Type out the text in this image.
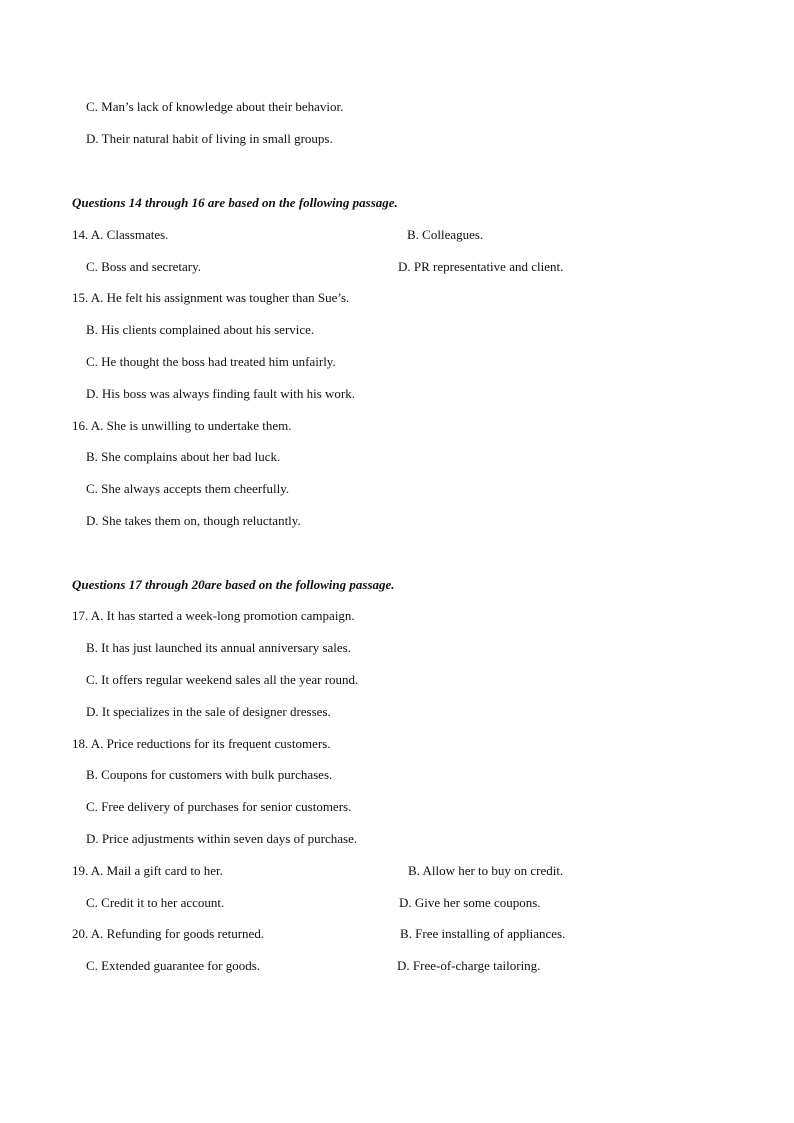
C. Man’s lack of knowledge about their behavior.
D. Their natural habit of living in small groups.
Questions 14 through 16 are based on the following passage.
14. A. Classmates.	B. Colleagues.
C. Boss and secretary.	D. PR representative and client.
15. A. He felt his assignment was tougher than Sue’s.
B. His clients complained about his service.
C. He thought the boss had treated him unfairly.
D. His boss was always finding fault with his work.
16. A. She is unwilling to undertake them.
B. She complains about her bad luck.
C. She always accepts them cheerfully.
D. She takes them on, though reluctantly.
Questions 17 through 20are based on the following passage.
17. A. It has started a week-long promotion campaign.
B. It has just launched its annual anniversary sales.
C. It offers regular weekend sales all the year round.
D. It specializes in the sale of designer dresses.
18. A. Price reductions for its frequent customers.
B. Coupons for customers with bulk purchases.
C. Free delivery of purchases for senior customers.
D. Price adjustments within seven days of purchase.
19. A. Mail a gift card to her.	B. Allow her to buy on credit.
C. Credit it to her account.	D. Give her some coupons.
20. A. Refunding for goods returned.	B. Free installing of appliances.
C. Extended guarantee for goods.	D. Free-of-charge tailoring.
